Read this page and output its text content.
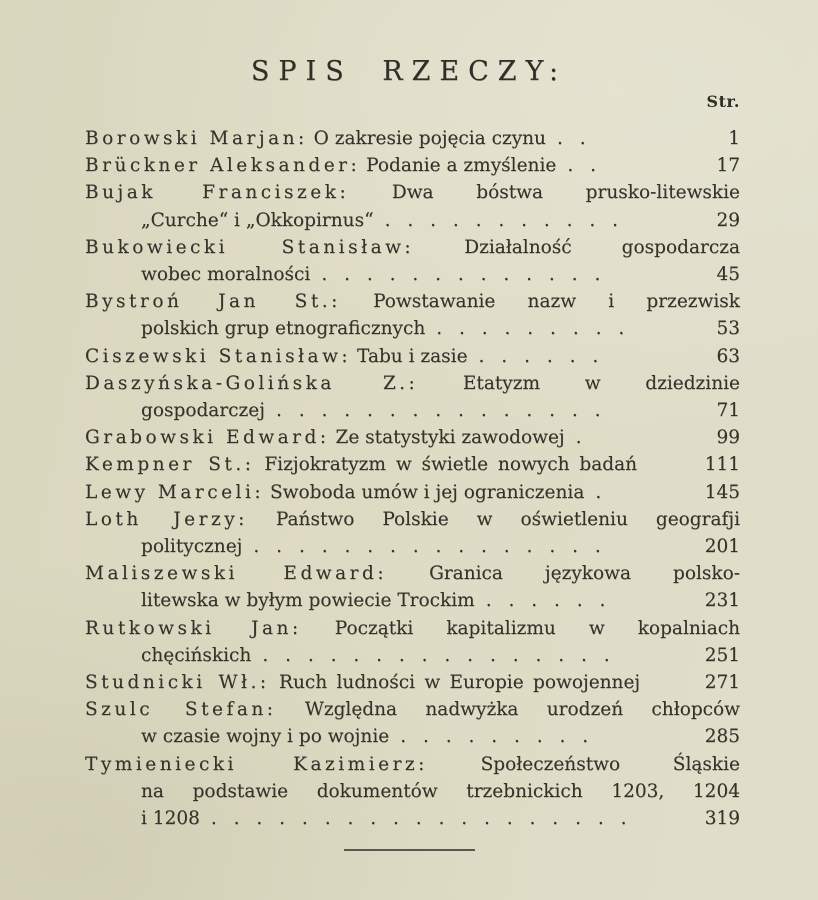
SPIS RZECZY:
Str.
Borowski Marjan: O zakresie pojęcia czynu . .	1
Brückner Aleksander: Podanie a zmyślenie . .	17
Bujak Franciszek: Dwa bóstwa prusko-litewskie
„Curche“ i „Okkopirnus“ . . . . . . . . . . .	29
Bukowiecki Stanisław: Działalność gospodarcza
wobec moralności . . . . . . . . . . . . .	45
Bystroń Jan St.: Powstawanie nazw i przezwisk
polskich grup etnograficznych . . . . . . . . .	53
Ciszewski Stanisław: Tabu i zasie . . . . . .	63
Daszyńska-Golińska Z.: Etatyzm w dziedzinie
gospodarczej . . . . . . . . . . . . . . .	71
Grabowski Edward: Ze statystyki zawodowej .	99
Kempner St.: Fizjokratyzm w świetle nowych badań	111
Lewy Marceli: Swoboda umów i jej ograniczenia .	145
Loth Jerzy: Państwo Polskie w oświetleniu geografji
politycznej . . . . . . . . . . . . . . . .	201
Maliszewski Edward: Granica językowa polsko-
litewska w byłym powiecie Trockim . . . . . .	231
Rutkowski Jan: Początki kapitalizmu w kopalniach
chęcińskich . . . . . . . . . . . . . . . .	251
Studnicki Wł.: Ruch ludności w Europie powojennej	271
Szulc Stefan: Względna nadwyżka urodzeń chłopców
w czasie wojny i po wojnie . . . . . . . . .	285
Tymieniecki Kazimierz: Społeczeństwo Śląskie
na podstawie dokumentów trzebnickich 1203, 1204
i 1208 . . . . . . . . . . . . . . . . . . .	319
